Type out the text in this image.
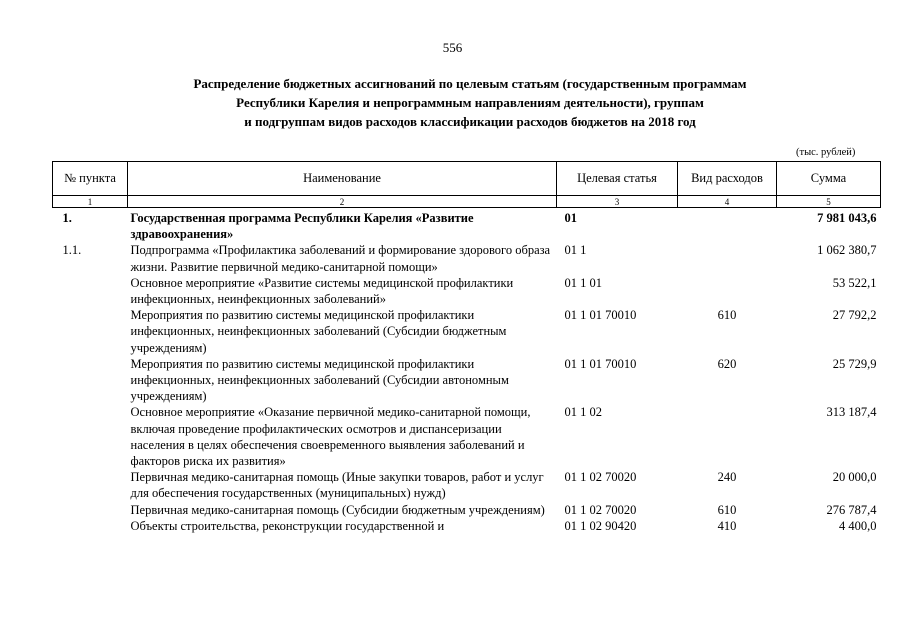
556
Распределение бюджетных ассигнований по целевым статьям (государственным программам
Республики Карелия и непрограммным направлениям деятельности), группам
и подгруппам видов расходов классификации расходов бюджетов на 2018 год
(тыс. рублей)
№ пункта	Наименование	Целевая статья	Вид расходов	Сумма
1	2	3	4	5
1.	Государственная программа Республики Карелия «Развитие здравоохранения»	01		7 981 043,6
1.1.	Подпрограмма «Профилактика заболеваний и формирование здорового образа жизни. Развитие первичной медико-санитарной помощи»	01 1		1 062 380,7
	Основное мероприятие «Развитие системы медицинской профилактики инфекционных, неинфекционных заболеваний»	01 1 01		53 522,1
	Мероприятия по развитию системы медицинской профилактики инфекционных, неинфекционных заболеваний (Субсидии бюджетным учреждениям)	01 1 01 70010	610	27 792,2
	Мероприятия по развитию системы медицинской профилактики инфекционных, неинфекционных заболеваний (Субсидии автономным учреждениям)	01 1 01 70010	620	25 729,9
	Основное мероприятие «Оказание первичной медико-санитарной помощи, включая проведение профилактических осмотров и диспансеризации населения в целях обеспечения своевременного выявления заболеваний и факторов риска их развития»	01 1 02		313 187,4
	Первичная медико-санитарная помощь (Иные закупки товаров, работ и услуг для обеспечения государственных (муниципальных) нужд)	01 1 02 70020	240	20 000,0
	Первичная медико-санитарная помощь (Субсидии бюджетным учреждениям)	01 1 02 70020	610	276 787,4
	Объекты строительства, реконструкции государственной и	01 1 02 90420	410	4 400,0
